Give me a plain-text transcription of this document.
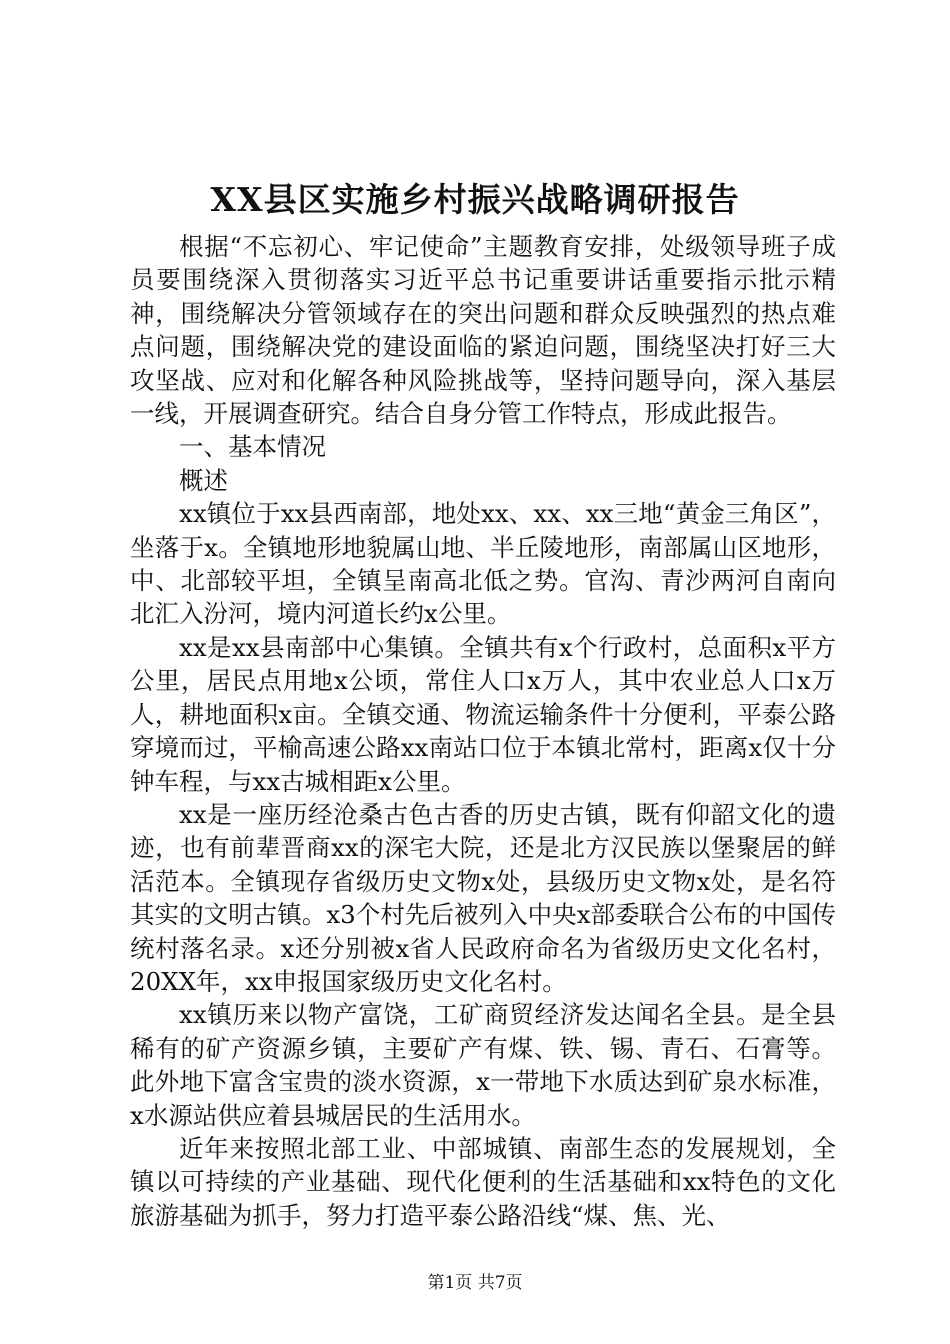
XX县区实施乡村振兴战略调研报告

根据“不忘初心、牢记使命”主题教育安排，处级领导班子成员要围绕深入贯彻落实习近平总书记重要讲话重要指示批示精神，围绕解决分管领域存在的突出问题和群众反映强烈的热点难点问题，围绕解决党的建设面临的紧迫问题，围绕坚决打好三大攻坚战、应对和化解各种风险挑战等，坚持问题导向，深入基层一线，开展调查研究。结合自身分管工作特点，形成此报告。

一、基本情况

概述

xx镇位于xx县西南部，地处xx、xx、xx三地“黄金三角区”，坐落于x。全镇地形地貌属山地、半丘陵地形，南部属山区地形，中、北部较平坦，全镇呈南高北低之势。官沟、青沙两河自南向北汇入汾河，境内河道长约x公里。

xx是xx县南部中心集镇。全镇共有x个行政村，总面积x平方公里，居民点用地x公顷，常住人口x万人，其中农业总人口x万人，耕地面积x亩。全镇交通、物流运输条件十分便利，平泰公路穿境而过，平榆高速公路xx南站口位于本镇北常村，距离x仅十分钟车程，与xx古城相距x公里。

xx是一座历经沧桑古色古香的历史古镇，既有仰韶文化的遗迹，也有前辈晋商xx的深宅大院，还是北方汉民族以堡聚居的鲜活范本。全镇现存省级历史文物x处，县级历史文物x处，是名符其实的文明古镇。x3个村先后被列入中央x部委联合公布的中国传统村落名录。x还分别被x省人民政府命名为省级历史文化名村，20XX年，xx申报国家级历史文化名村。

xx镇历来以物产富饶，工矿商贸经济发达闻名全县。是全县稀有的矿产资源乡镇，主要矿产有煤、铁、锡、青石、石膏等。此外地下富含宝贵的淡水资源，x一带地下水质达到矿泉水标准，x水源站供应着县城居民的生活用水。

近年来按照北部工业、中部城镇、南部生态的发展规划，全镇以可持续的产业基础、现代化便利的生活基础和xx特色的文化旅游基础为抓手，努力打造平泰公路沿线“煤、焦、光、

第1页 共7页
